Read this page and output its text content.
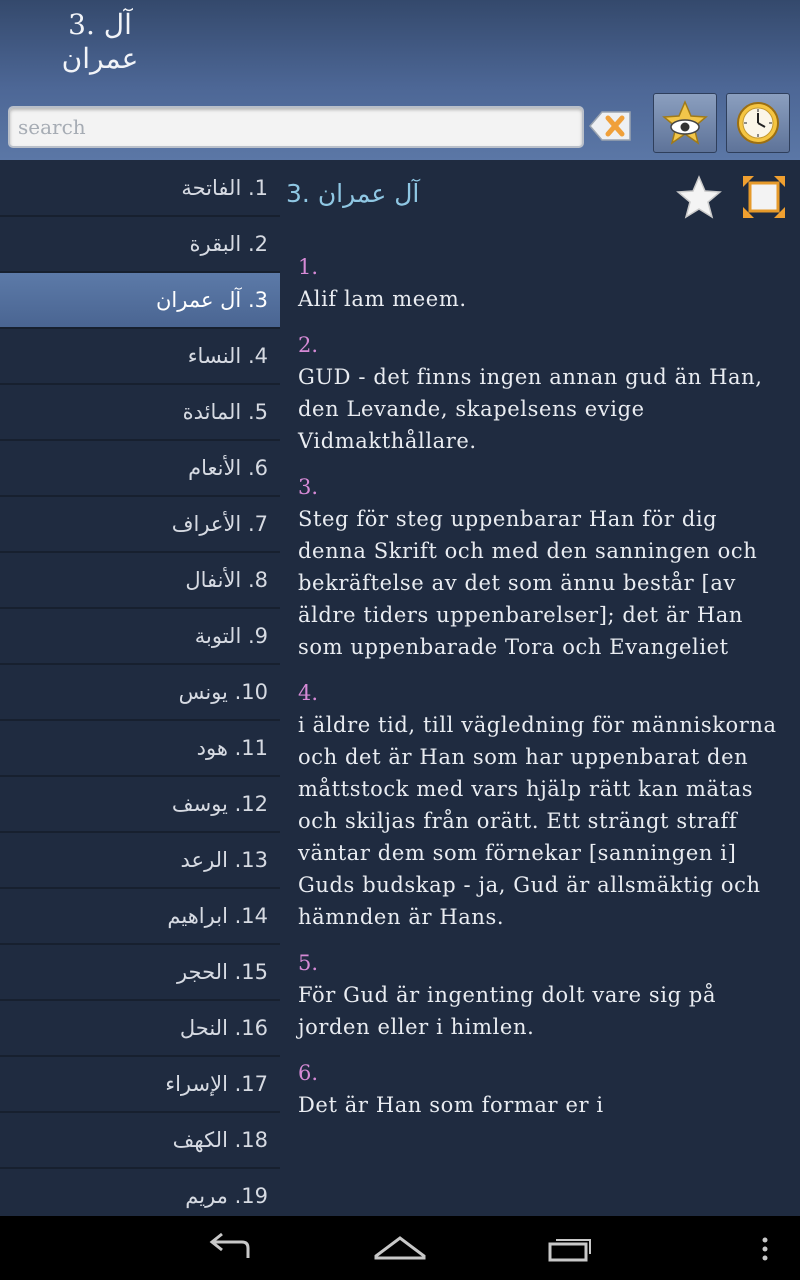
3. آل
عمران
search
1. الفاتحة
2. البقرة
3. آل عمران
4. النساء
5. المائدة
6. الأنعام
7. الأعراف
8. الأنفال
9. التوبة
10. يونس
11. هود
12. يوسف
13. الرعد
14. ابراهيم
15. الحجر
16. النحل
17. الإسراء
18. الكهف
19. مريم
3. آل عمران
1.
Alif lam meem.
2.
GUD - det finns ingen annan gud än Han, den Levande, skapelsens evige Vidmakthållare.
3.
Steg för steg uppenbarar Han för dig denna Skrift och med den sanningen och bekräftelse av det som ännu består [av äldre tiders uppenbarelser]; det är Han som uppenbarade Tora och Evangeliet
4.
i äldre tid, till vägledning för människorna och det är Han som har uppenbarat den måttstock med vars hjälp rätt kan mätas och skiljas från orätt. Ett strängt straff väntar dem som förnekar [sanningen i] Guds budskap - ja, Gud är allsmäktig och hämnden är Hans.
5.
För Gud är ingenting dolt vare sig på jorden eller i himlen.
6.
Det är Han som formar er i
